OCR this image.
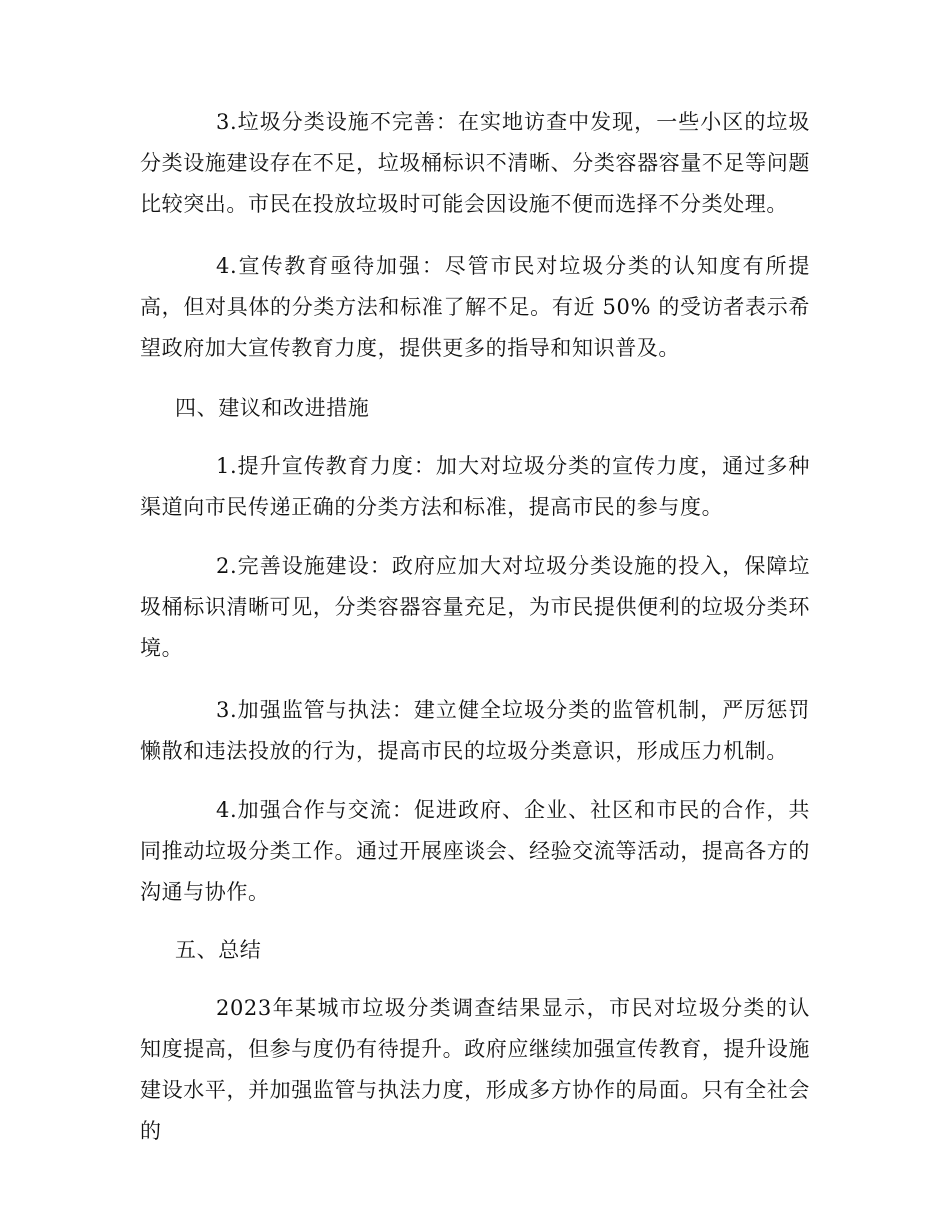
3.垃圾分类设施不完善：在实地访查中发现，一些小区的垃圾分类设施建设存在不足，垃圾桶标识不清晰、分类容器容量不足等问题比较突出。市民在投放垃圾时可能会因设施不便而选择不分类处理。

4.宣传教育亟待加强：尽管市民对垃圾分类的认知度有所提高，但对具体的分类方法和标准了解不足。有近 50% 的受访者表示希望政府加大宣传教育力度，提供更多的指导和知识普及。

四、建议和改进措施

1.提升宣传教育力度：加大对垃圾分类的宣传力度，通过多种渠道向市民传递正确的分类方法和标准，提高市民的参与度。

2.完善设施建设：政府应加大对垃圾分类设施的投入，保障垃圾桶标识清晰可见，分类容器容量充足，为市民提供便利的垃圾分类环境。

3.加强监管与执法：建立健全垃圾分类的监管机制，严厉惩罚懒散和违法投放的行为，提高市民的垃圾分类意识，形成压力机制。

4.加强合作与交流：促进政府、企业、社区和市民的合作，共同推动垃圾分类工作。通过开展座谈会、经验交流等活动，提高各方的沟通与协作。

五、总结

2023年某城市垃圾分类调查结果显示，市民对垃圾分类的认知度提高，但参与度仍有待提升。政府应继续加强宣传教育，提升设施建设水平，并加强监管与执法力度，形成多方协作的局面。只有全社会的
